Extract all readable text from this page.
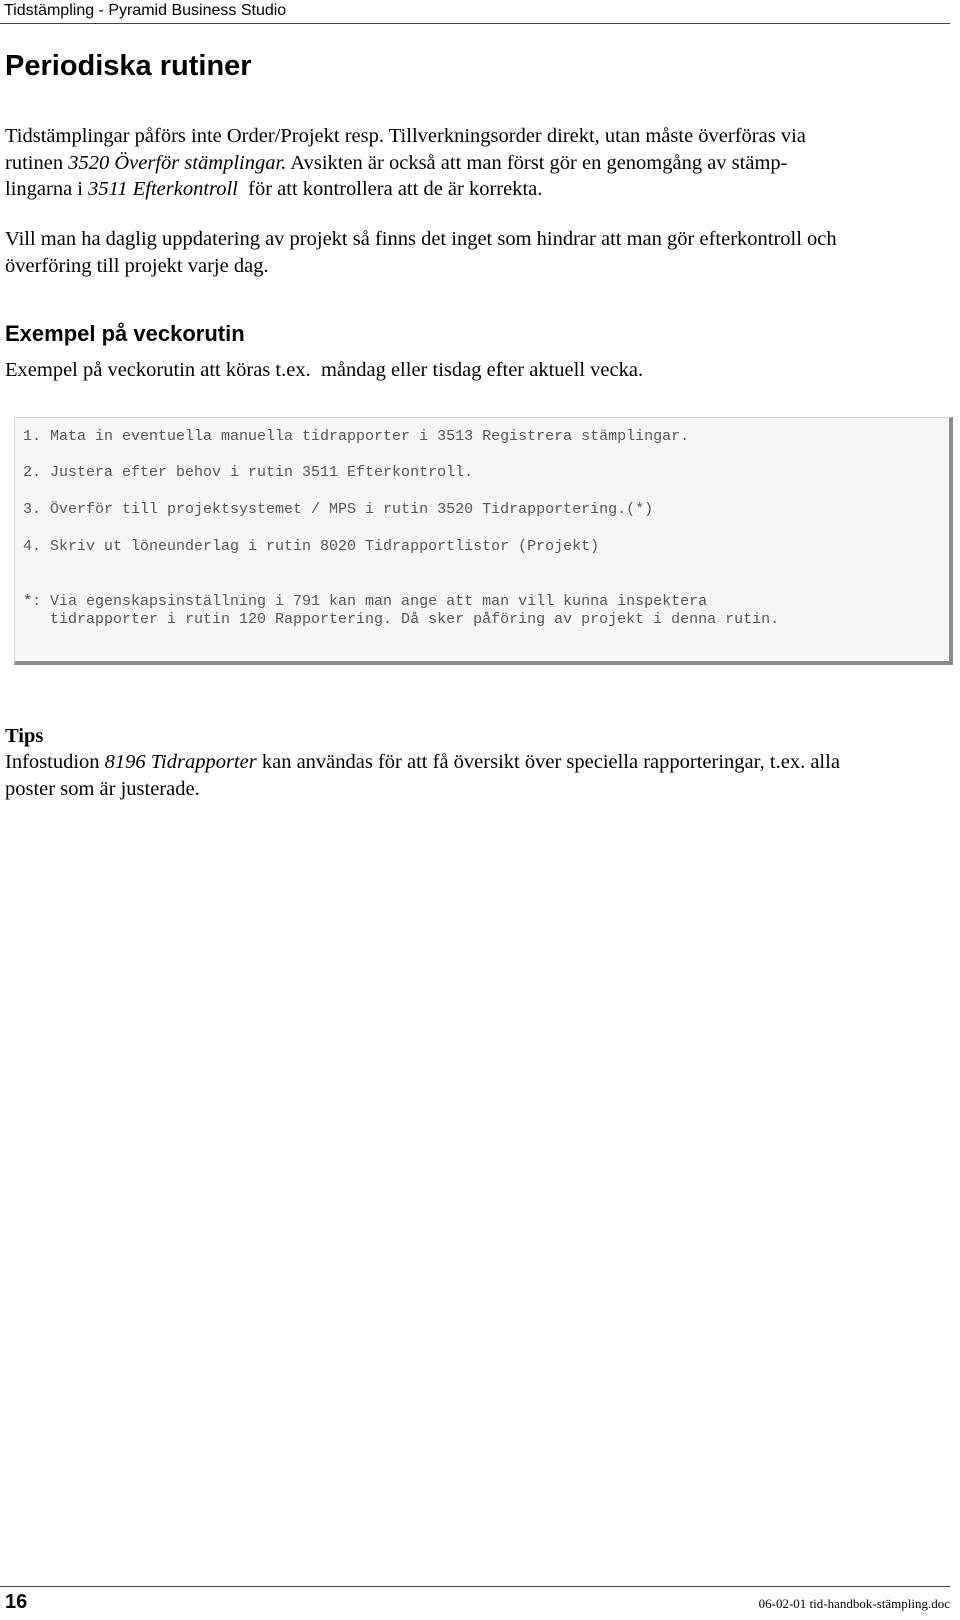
Tidstämpling - Pyramid Business Studio
Periodiska rutiner

Tidstämplingar påförs inte Order/Projekt resp. Tillverkningsorder direkt, utan måste överföras via
rutinen 3520 Överför stämplingar. Avsikten är också att man först gör en genomgång av stämp-
lingarna i 3511 Efterkontroll  för att kontrollera att de är korrekta.

Vill man ha daglig uppdatering av projekt så finns det inget som hindrar att man gör efterkontroll och
överföring till projekt varje dag.

Exempel på veckorutin

Exempel på veckorutin att köras t.ex.  måndag eller tisdag efter aktuell vecka.

1. Mata in eventuella manuella tidrapporter i 3513 Registrera stämplingar.
2. Justera efter behov i rutin 3511 Efterkontroll.
3. Överför till projektsystemet / MPS i rutin 3520 Tidrapportering.(*)
4. Skriv ut löneunderlag i rutin 8020 Tidrapportlistor (Projekt)
*: Via egenskapsinställning i 791 kan man ange att man vill kunna inspektera
tidrapporter i rutin 120 Rapportering. Då sker påföring av projekt i denna rutin.
Tips

Infostudion 8196 Tidrapporter kan användas för att få översikt över speciella rapporteringar, t.ex. alla
poster som är justerade.

16	06-02-01 tid-handbok-stämpling.doc
